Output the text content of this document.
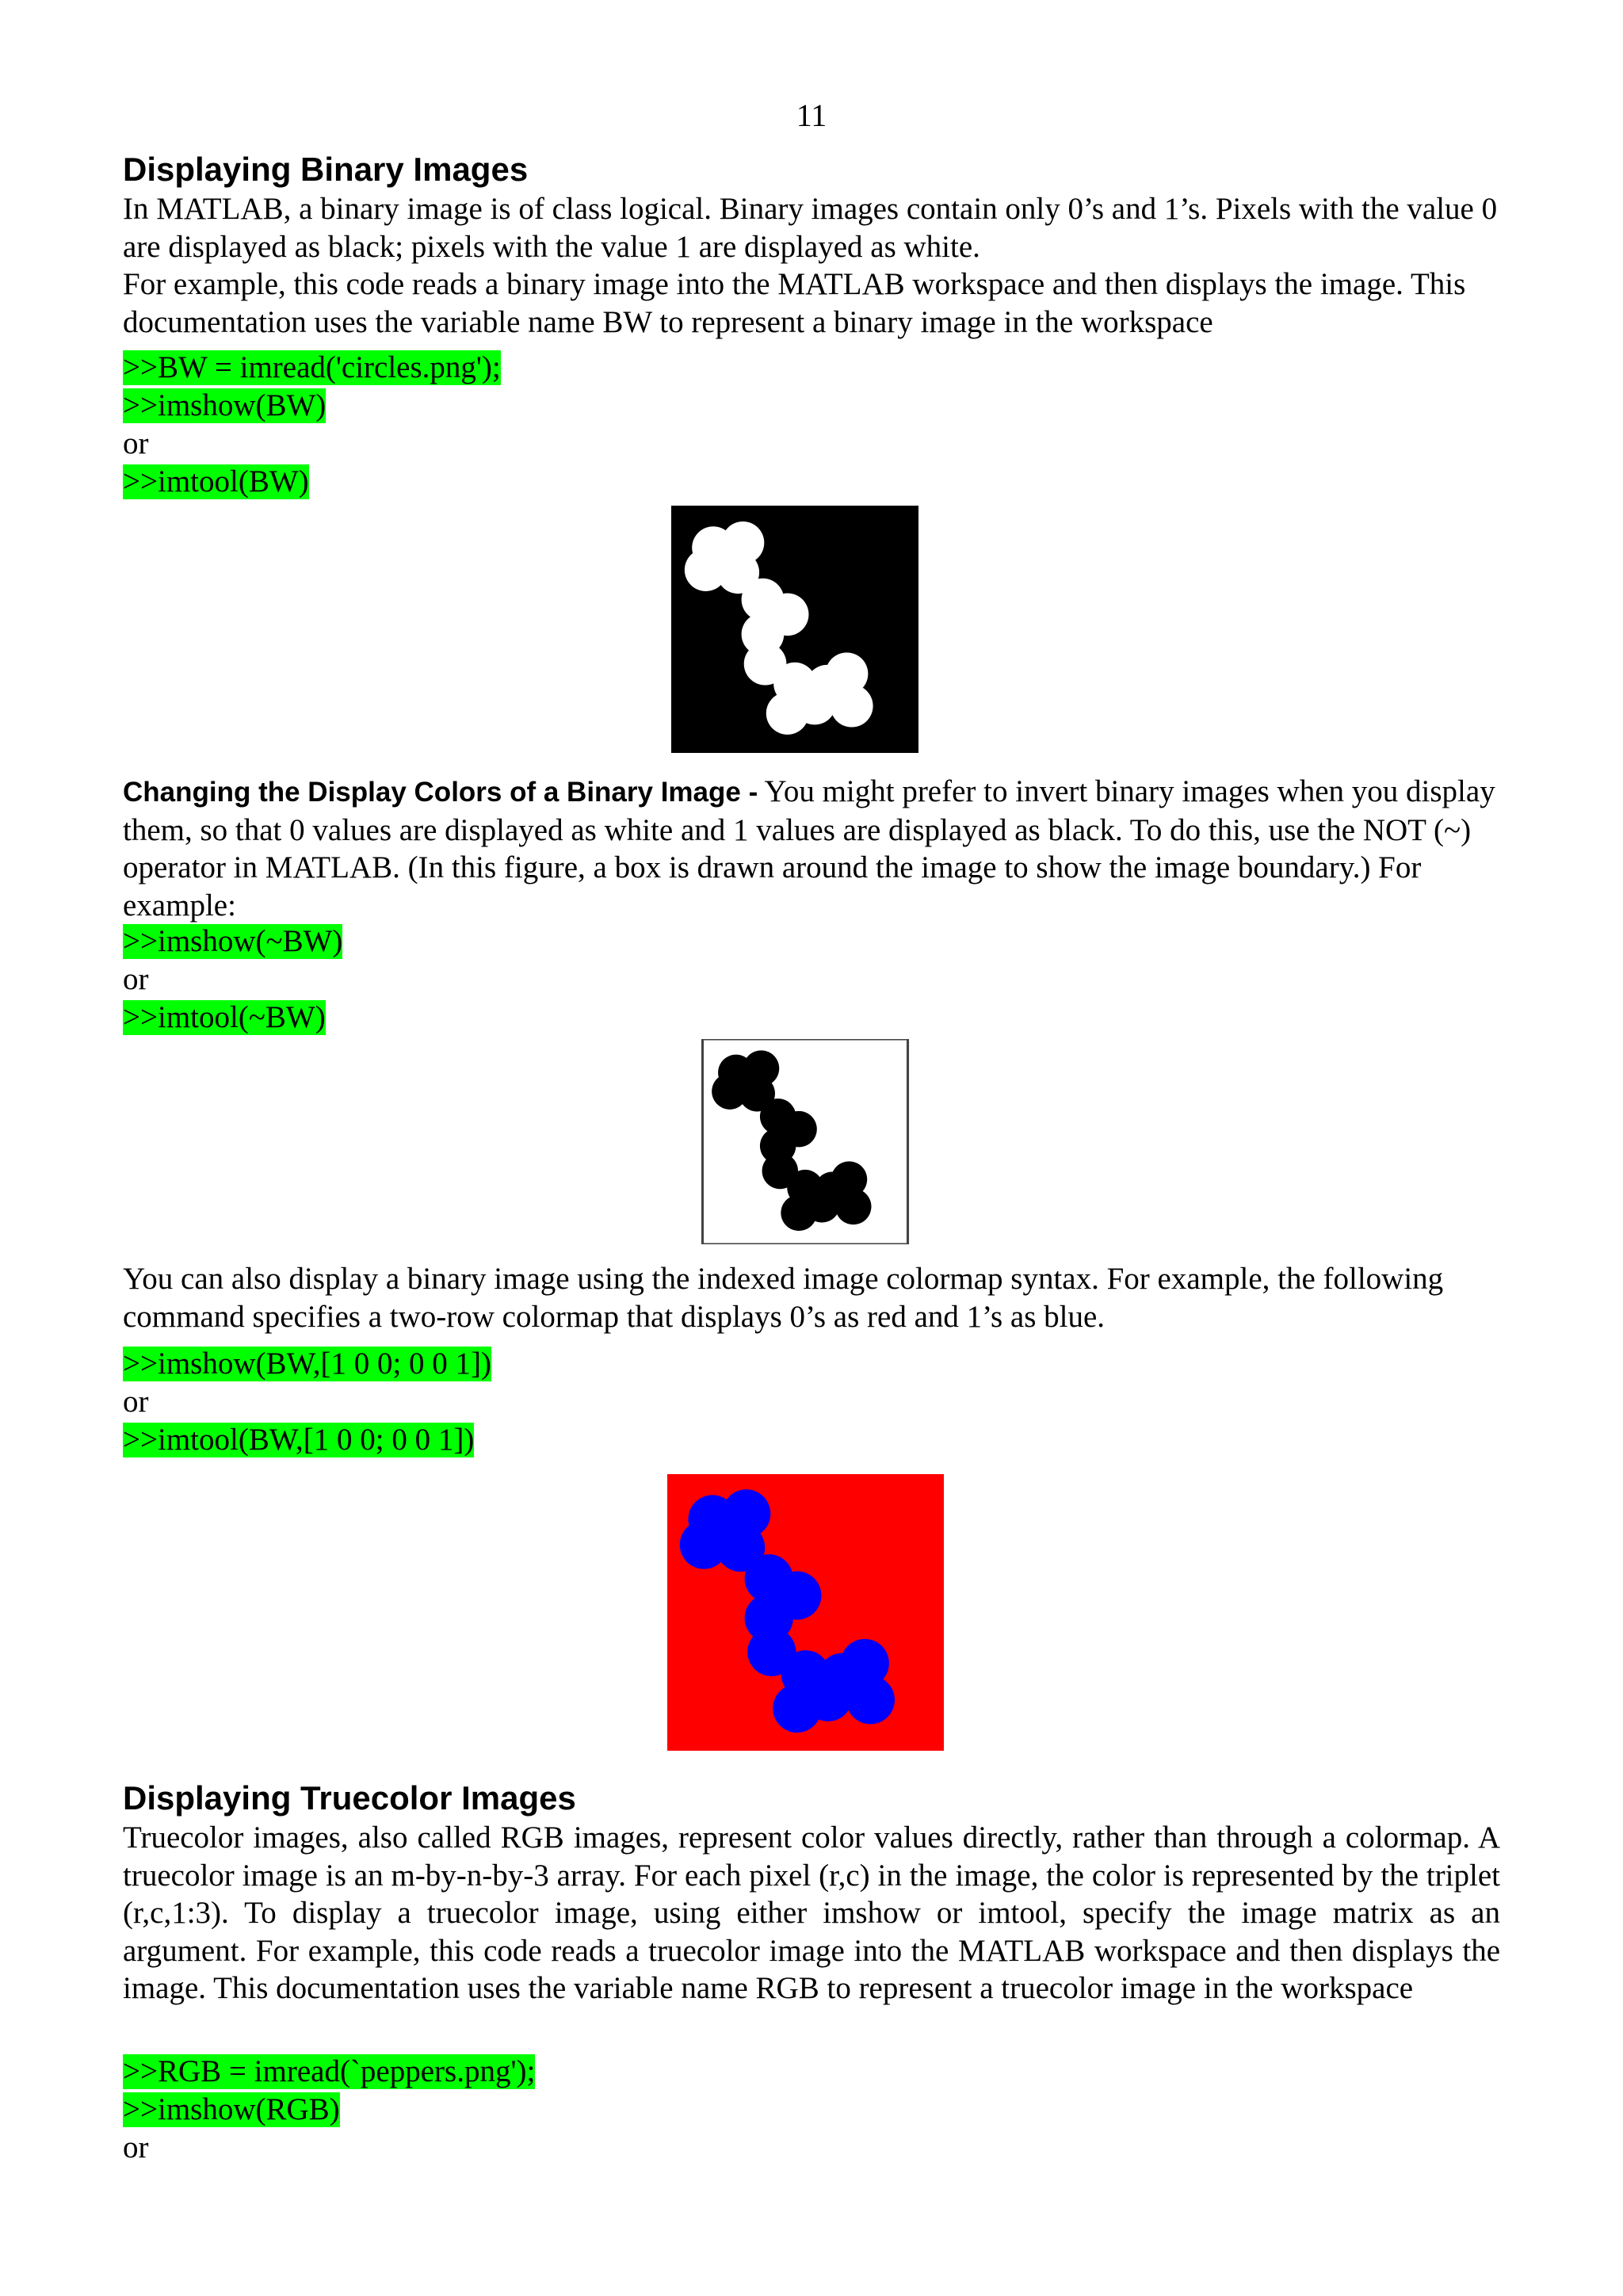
11
Displaying Binary Images
In MATLAB, a binary image is of class logical. Binary images contain only 0’s and 1’s. Pixels with the value 0 are displayed as black; pixels with the value 1 are displayed as white.
For example, this code reads a binary image into the MATLAB workspace and then displays the image. This documentation uses the variable name BW to represent a binary image in the workspace
>>BW = imread('circles.png');
>>imshow(BW)
or
>>imtool(BW)
Changing the Display Colors of a Binary Image - You might prefer to invert binary images when you display them, so that 0 values are displayed as white and 1 values are displayed as black. To do this, use the NOT (~) operator in MATLAB. (In this figure, a box is drawn around the image to show the image boundary.) For example:
>>imshow(~BW)
or
>>imtool(~BW)
You can also display a binary image using the indexed image colormap syntax. For example, the following command specifies a two-row colormap that displays 0’s as red and 1’s as blue.
>>imshow(BW,[1 0 0; 0 0 1])
or
>>imtool(BW,[1 0 0; 0 0 1])
Displaying Truecolor Images
Truecolor images, also called RGB images, represent color values directly, rather than through a colormap. A truecolor image is an m-by-n-by-3 array. For each pixel (r,c) in the image, the color is represented by the triplet (r,c,1:3). To display a truecolor image, using either imshow or imtool, specify the image matrix as an argument. For example, this code reads a truecolor image into the MATLAB workspace and then displays the image. This documentation uses the variable name RGB to represent a truecolor image in the workspace
>>RGB = imread(`peppers.png');
>>imshow(RGB)
or
